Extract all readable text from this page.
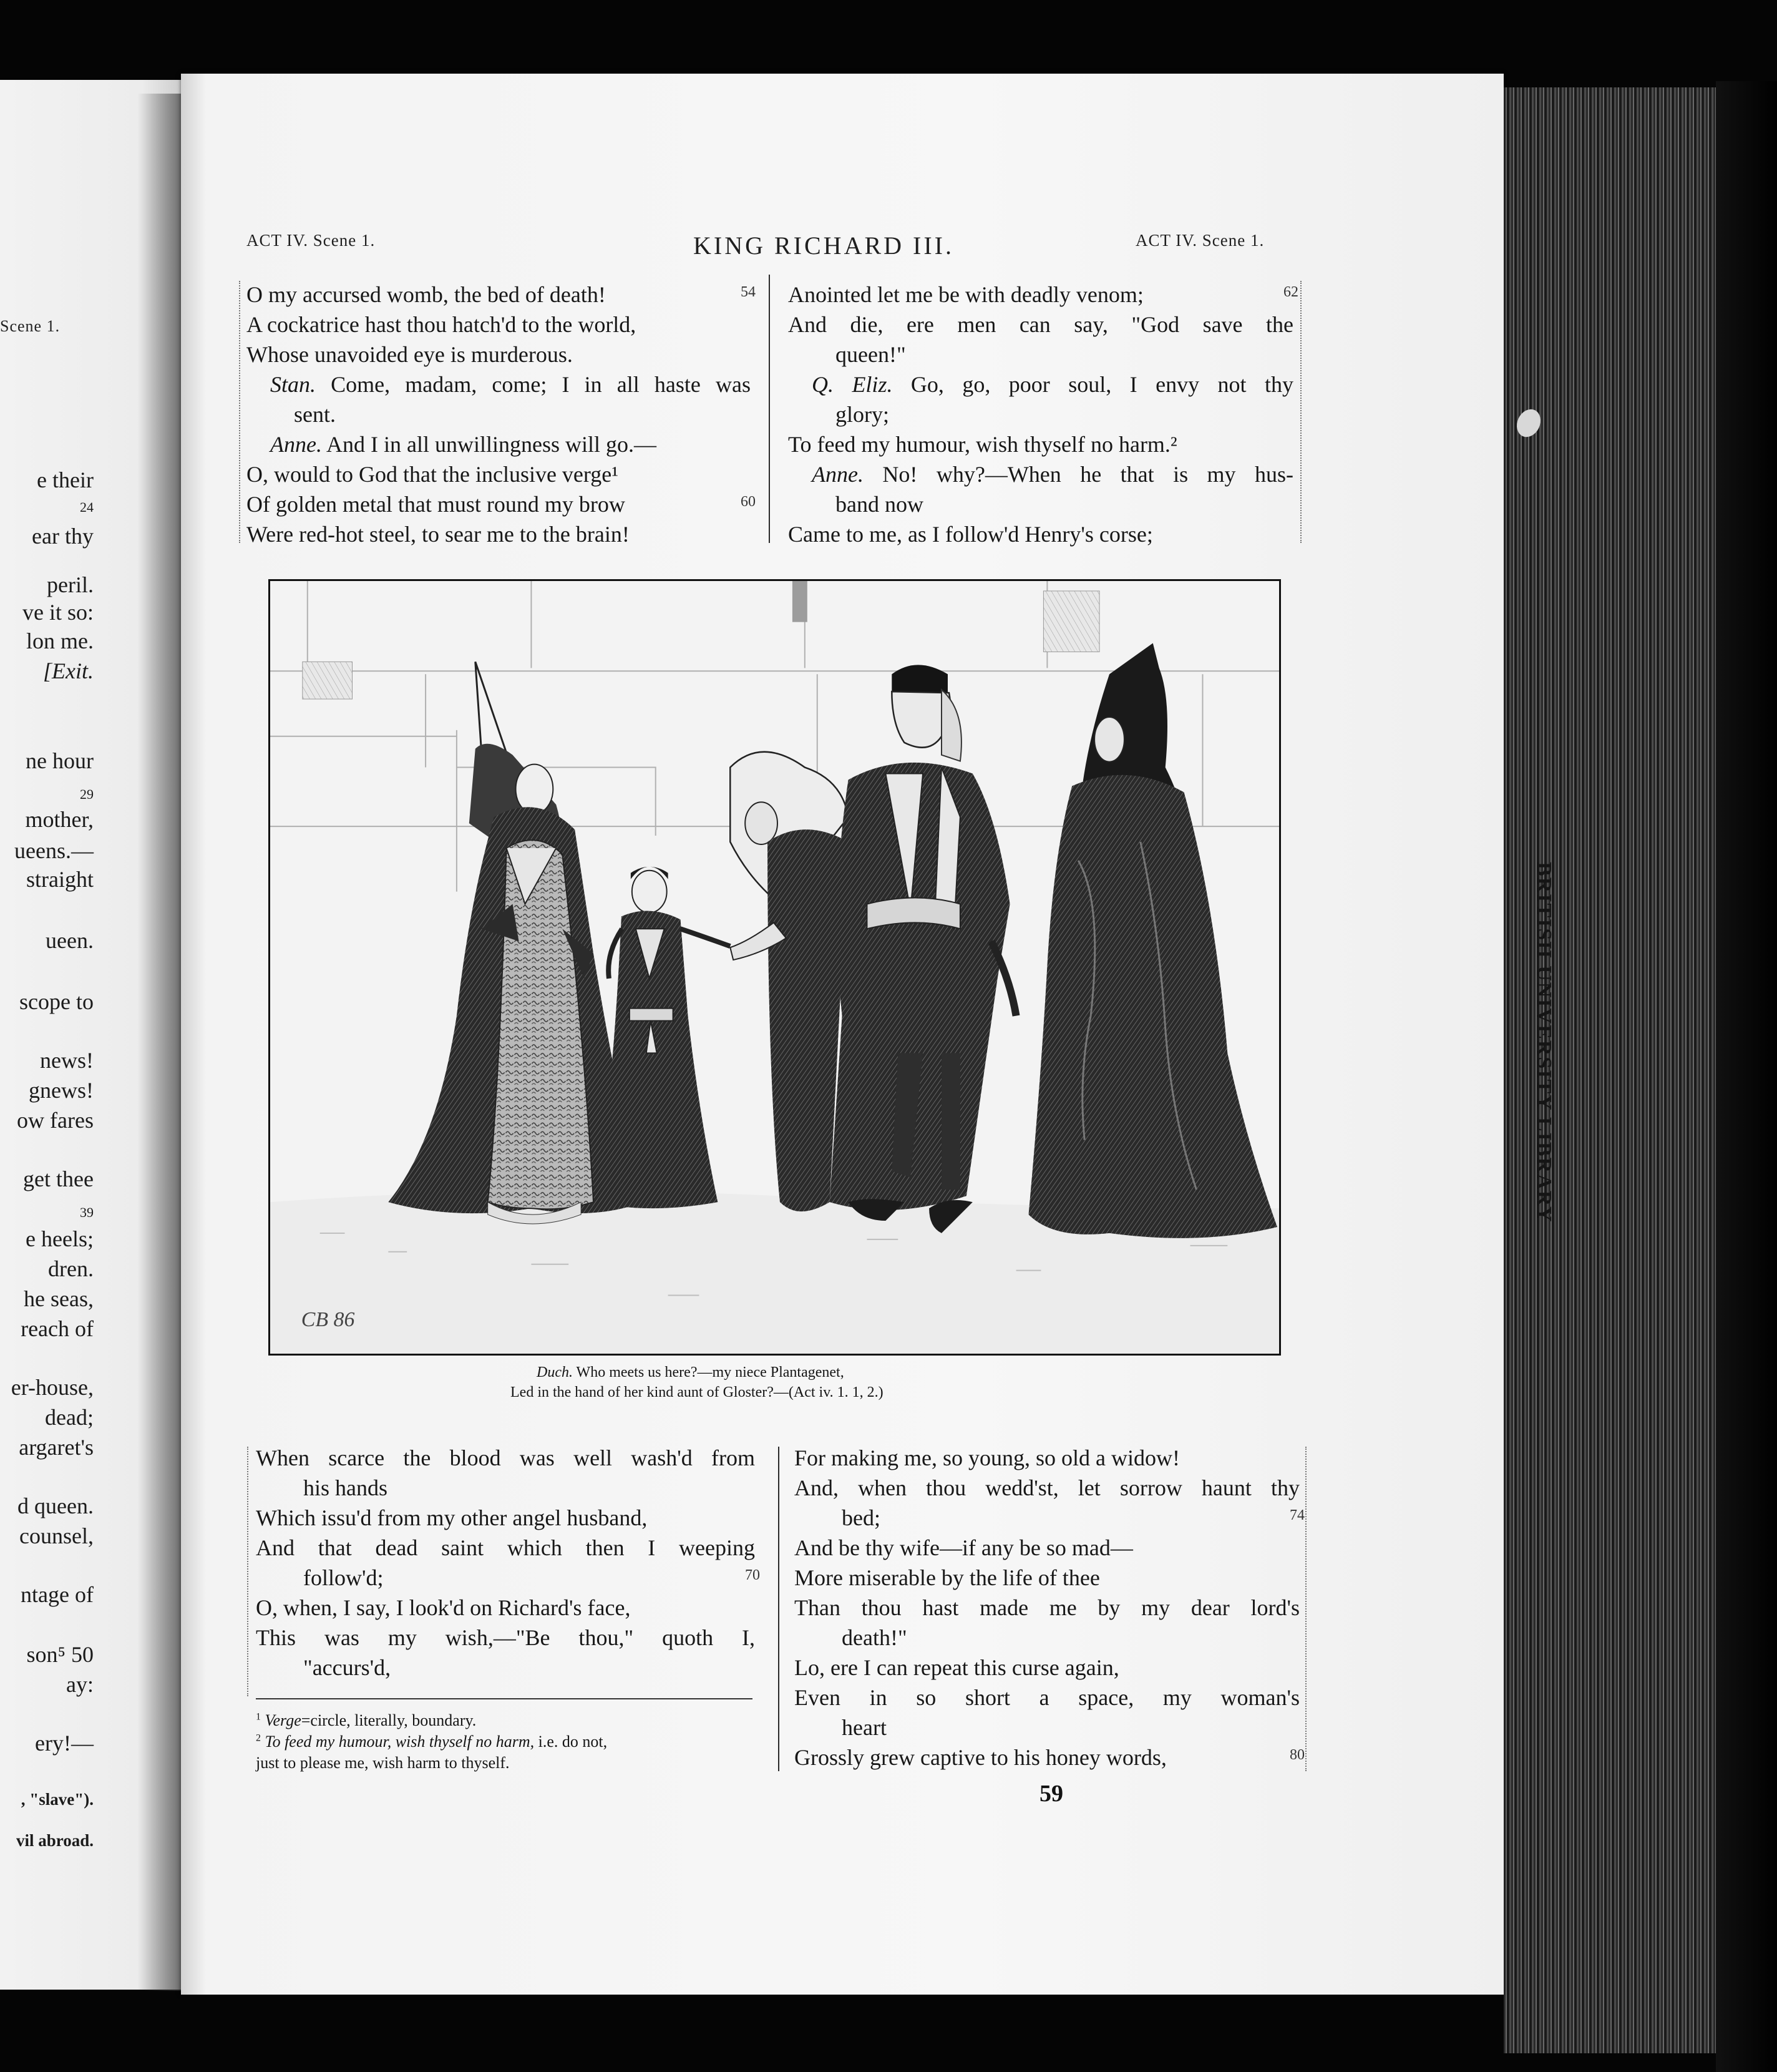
Scene 1.
e their
24
ear thy
peril.
ve it so:
lon me.
[Exit.
ne hour
29
mother,
ueens.—
straight
ueen.
scope to
news!
gnews!
ow fares
get thee
39
e heels;
dren.
he seas,
reach of
er-house,
dead;
argaret's
d queen.
counsel,
ntage of
son⁵ 50
ay:
ery!—
, "slave").
vil abroad.
BRITISH UNIVERSITY LIBRARY
ACT IV. Scene 1.	KING RICHARD III.	ACT IV. Scene 1.
O my accursed womb, the bed of death!	54
A cockatrice hast thou hatch'd to the world,
Whose unavoided eye is murderous.
Stan. Come, madam, come; I in all haste was
sent.
Anne. And I in all unwillingness will go.—
O, would to God that the inclusive verge¹
Of golden metal that must round my brow	60
Were red-hot steel, to sear me to the brain!
Anointed let me be with deadly venom;	62
And die, ere men can say, "God save the
queen!"
Q. Eliz. Go, go, poor soul, I envy not thy
glory;
To feed my humour, wish thyself no harm.²
Anne. No! why?—When he that is my hus-
band now
Came to me, as I follow'd Henry's corse;
CB 86
Duch. Who meets us here?—my niece Plantagenet,
Led in the hand of her kind aunt of Gloster?—(Act iv. 1. 1, 2.)
When scarce the blood was well wash'd from
his hands
Which issu'd from my other angel husband,
And that dead saint which then I weeping
follow'd;	70
O, when, I say, I look'd on Richard's face,
This was my wish,—"Be thou," quoth I,
"accurs'd,
For making me, so young, so old a widow!
And, when thou wedd'st, let sorrow haunt thy
bed;	74
And be thy wife—if any be so mad—
More miserable by the life of thee
Than thou hast made me by my dear lord's
death!"
Lo, ere I can repeat this curse again,
Even in so short a space, my woman's
heart
Grossly grew captive to his honey words,	80
$^1$ Verge=circle, literally, boundary.
$^2$ To feed my humour, wish thyself no harm, i.e. do not,
just to please me, wish harm to thyself.
59
